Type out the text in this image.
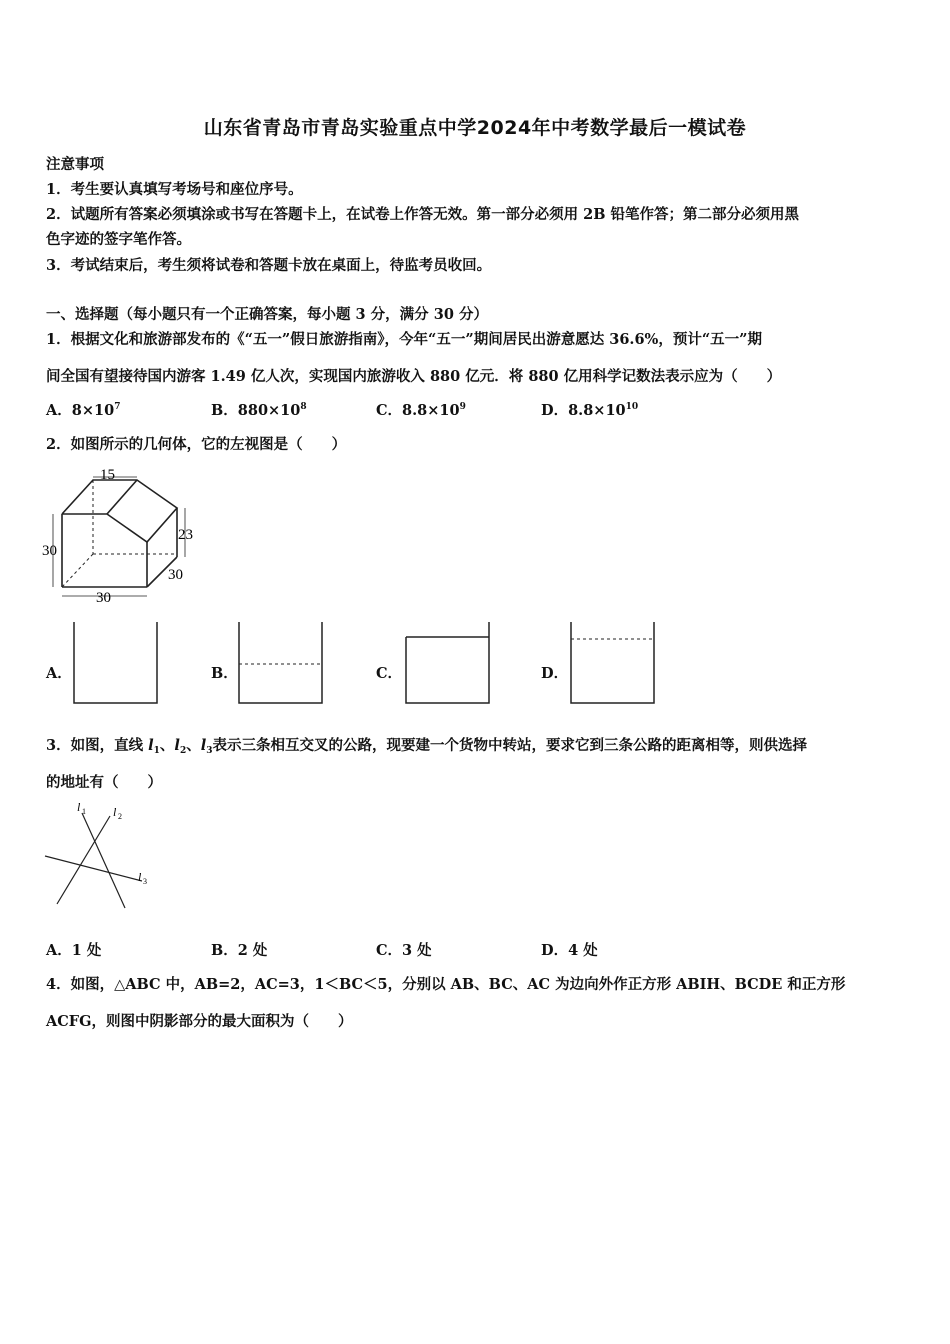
山东省青岛市青岛实验重点中学2024年中考数学最后一模试卷
注意事项
1．考生要认真填写考场号和座位序号。
2．试题所有答案必须填涂或书写在答题卡上，在试卷上作答无效。第一部分必须用 2B 铅笔作答；第二部分必须用黑
色字迹的签字笔作答。
3．考试结束后，考生须将试卷和答题卡放在桌面上，待监考员收回。
一、选择题（每小题只有一个正确答案，每小题 3 分，满分 30 分）
1．根据文化和旅游部发布的《“五一”假日旅游指南》，今年“五一”期间居民出游意愿达 36.6%，预计“五一”期
间全国有望接待国内游客 1.49 亿人次，实现国内旅游收入 880 亿元．将 880 亿用科学记数法表示应为（　　）
A．$8\times 10^7$	B．$880\times 10^8$	C．$8.8\times 10^9$	D．$8.8\times 10^{10}$
2．如图所示的几何体，它的左视图是（　　）
15
23
30
30
30
A．	B．	C．	D．
3．如图，直线 $l_1$、$l_2$、$l_3$表示三条相互交叉的公路，现要建一个货物中转站，要求它到三条公路的距离相等，则供选择
的地址有（　　）
l 1 l 2
l 3
A．1 处	B．2 处	C．3 处	D．4 处
4．如图，△ABC 中，AB=2，AC=3，1＜BC＜5，分别以 AB、BC、AC 为边向外作正方形 ABIH、BCDE 和正方形
ACFG，则图中阴影部分的最大面积为（　　）
